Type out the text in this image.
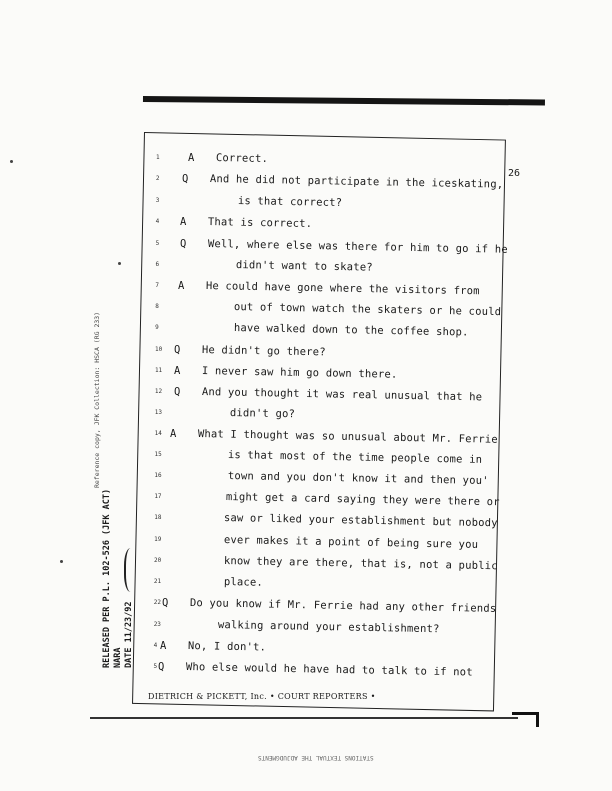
26
1	A Correct.
2 Q And he did not participate in the iceskating,
3	is that correct?
4 A That is correct.
5 Q Well, where else was there for him to go if he
6	didn't want to skate?
7 A He could have gone where the visitors from
8	out of town watch the skaters or he could
9	have walked down to the coffee shop.
10 Q He didn't go there?
11 A I never saw him go down there.
12 Q And you thought it was real unusual that he
13	didn't go?
14 A What I thought was so unusual about Mr. Ferrie
15	is that most of the time people come in
16	town and you don't know it and then you'
17	might get a card saying they were there or
18	saw or liked your establishment but nobody
19	ever makes it a point of being sure you
20	know they are there, that is, not a public
21	place.
22 Q Do you know if Mr. Ferrie had any other friends
23	walking around your establishment?
4 A No, I don't.
5 Q Who else would he have had to talk to if not
Reference copy, JFK Collection: HSCA (RG 233)
RELEASED PER P.L. 102-526 (JFK ACT) NARA DATE 11/23/92
DIETRICH & PICKETT, Inc. • COURT REPORTERS •
STATIONS TEXTUAL THE ADJUDGMENTS
